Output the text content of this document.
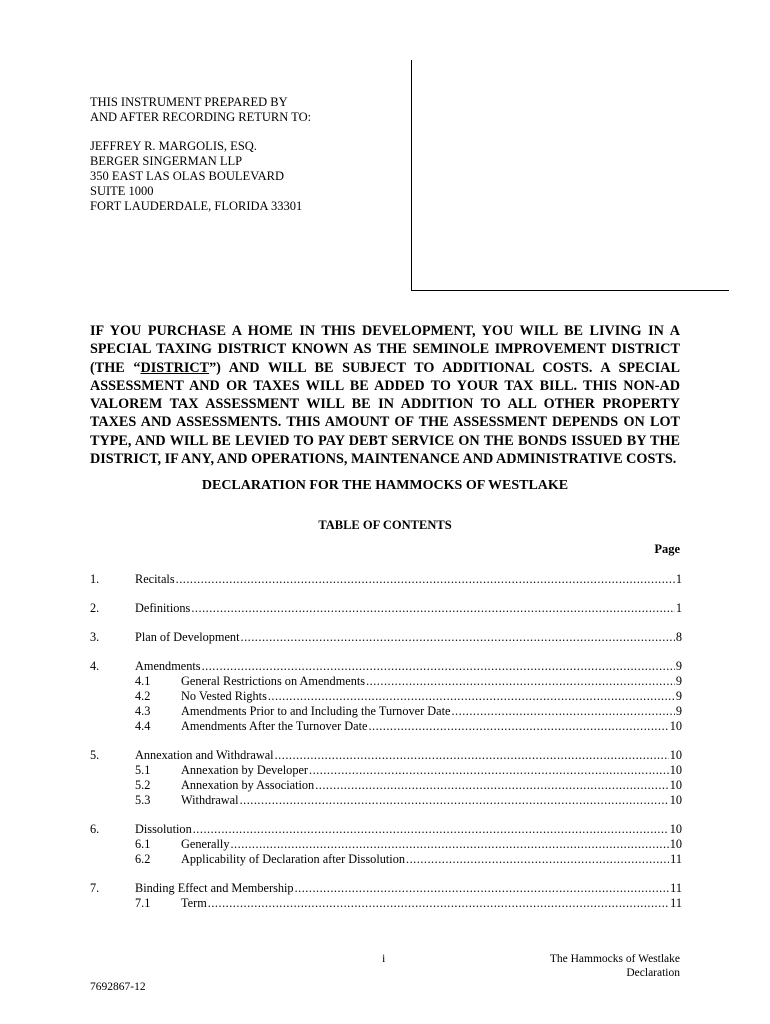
THIS INSTRUMENT PREPARED BY

AND AFTER RECORDING RETURN TO:

JEFFREY R. MARGOLIS, ESQ.

BERGER SINGERMAN LLP

350 EAST LAS OLAS BOULEVARD

SUITE 1000

FORT LAUDERDALE, FLORIDA 33301

IF YOU PURCHASE A HOME IN THIS DEVELOPMENT, YOU WILL BE LIVING IN A SPECIAL TAXING DISTRICT KNOWN AS THE SEMINOLE IMPROVEMENT DISTRICT (THE “DISTRICT”) AND WILL BE SUBJECT TO ADDITIONAL COSTS. A SPECIAL ASSESSMENT AND OR TAXES WILL BE ADDED TO YOUR TAX BILL. THIS NON-AD VALOREM TAX ASSESSMENT WILL BE IN ADDITION TO ALL OTHER PROPERTY TAXES AND ASSESSMENTS. THIS AMOUNT OF THE ASSESSMENT DEPENDS ON LOT TYPE, AND WILL BE LEVIED TO PAY DEBT SERVICE ON THE BONDS ISSUED BY THE DISTRICT, IF ANY, AND OPERATIONS, MAINTENANCE AND ADMINISTRATIVE COSTS.

DECLARATION FOR THE HAMMOCKS OF WESTLAKE
TABLE OF CONTENTS
Page
1.	Recitals .....	1
2.	Definitions .....	1
3.	Plan of Development .....	8
4.	Amendments .....	9
4.1	General Restrictions on Amendments .....	9
4.2	No Vested Rights .....	9
4.3	Amendments Prior to and Including the Turnover Date .....	9
4.4	Amendments After the Turnover Date .....	10
5.	Annexation and Withdrawal .....	10
5.1	Annexation by Developer .....	10
5.2	Annexation by Association .....	10
5.3	Withdrawal .....	10
6.	Dissolution .....	10
6.1	Generally .....	10
6.2	Applicability of Declaration after Dissolution .....	11
7.	Binding Effect and Membership .....	11
7.1	Term .....	11
i	The Hammocks of Westlake
Declaration
7692867-12
